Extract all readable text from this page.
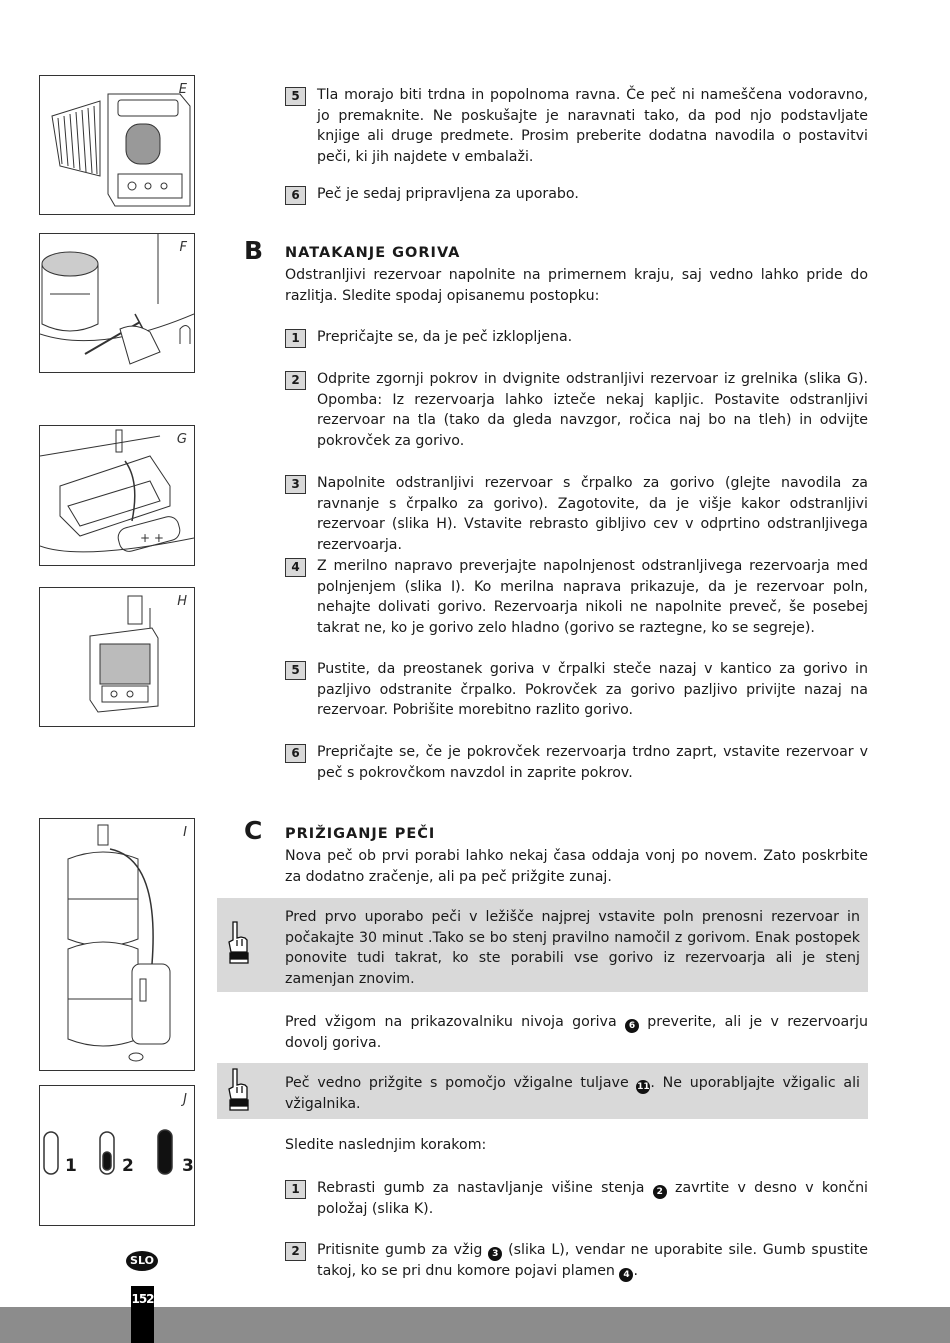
E
F
G
+ +
H
I
J
1	2	3
5	Tla morajo biti trdna in popolnoma ravna. Če peč ni nameščena vodoravno, jo premaknite. Ne poskušajte je naravnati tako, da pod njo podstavljate knjige ali druge predmete. Prosim preberite dodatna navodila o postavitvi peči, ki jih najdete v embalaži.
6	Peč je sedaj pripravljena za uporabo.
B NATAKANJE GORIVA
Odstranljivi rezervoar napolnite na primernem kraju, saj vedno lahko pride do razlitja. Sledite spodaj opisanemu postopku:
1	Prepričajte se, da je peč izklopljena.
2	Odprite zgornji pokrov in dvignite odstranljivi rezervoar iz grelnika (slika G). Opomba: Iz rezervoarja lahko izteče nekaj kapljic. Postavite odstranljivi rezervoar na tla (tako da gleda navzgor, ročica naj bo na tleh) in odvijte pokrovček za gorivo.
3	Napolnite odstranljivi rezervoar s črpalko za gorivo (glejte navodila za ravnanje s črpalko za gorivo). Zagotovite, da je višje kakor odstranljivi rezervoar (slika H). Vstavite rebrasto gibljivo cev v odprtino odstranljivega rezervoarja.
4	Z merilno napravo preverjajte napolnjenost odstranljivega rezervoarja med polnjenjem (slika I). Ko merilna naprava prikazuje, da je rezervoar poln, nehajte dolivati gorivo. Rezervoarja nikoli ne napolnite preveč, še posebej takrat ne, ko je gorivo zelo hladno (gorivo se raztegne, ko se segreje).
5	Pustite, da preostanek goriva v črpalki steče nazaj v kantico za gorivo in pazljivo odstranite črpalko. Pokrovček za gorivo pazljivo privijte nazaj na rezervoar. Pobrišite morebitno razlito gorivo.
6	Prepričajte se, če je pokrovček rezervoarja trdno zaprt, vstavite rezervoar v peč s pokrovčkom navzdol in zaprite pokrov.
C PRIŽIGANJE PEČI
Nova peč ob prvi porabi lahko nekaj časa oddaja vonj po novem. Zato poskrbite za dodatno zračenje, ali pa peč prižgite zunaj.
Pred prvo uporabo peči v ležišče najprej vstavite poln prenosni rezervoar in počakajte 30 minut .Tako se bo stenj pravilno namočil z gorivom. Enak postopek ponovite tudi takrat, ko ste porabili vse gorivo iz rezervoarja ali je stenj zamenjan znovim.
Pred vžigom na prikazovalniku nivoja goriva 6 preverite, ali je v rezervoarju dovolj goriva.
Peč vedno prižgite s pomočjo vžigalne tuljave 11. Ne uporabljajte vžigalic ali vžigalnika.
Sledite naslednjim korakom:
1	Rebrasti gumb za nastavljanje višine stenja 2 zavrtite v desno v končni položaj (slika K).
2	Pritisnite gumb za vžig 3 (slika L), vendar ne uporabite sile. Gumb spustite takoj, ko se pri dnu komore pojavi plamen 4 .
SLO
152
